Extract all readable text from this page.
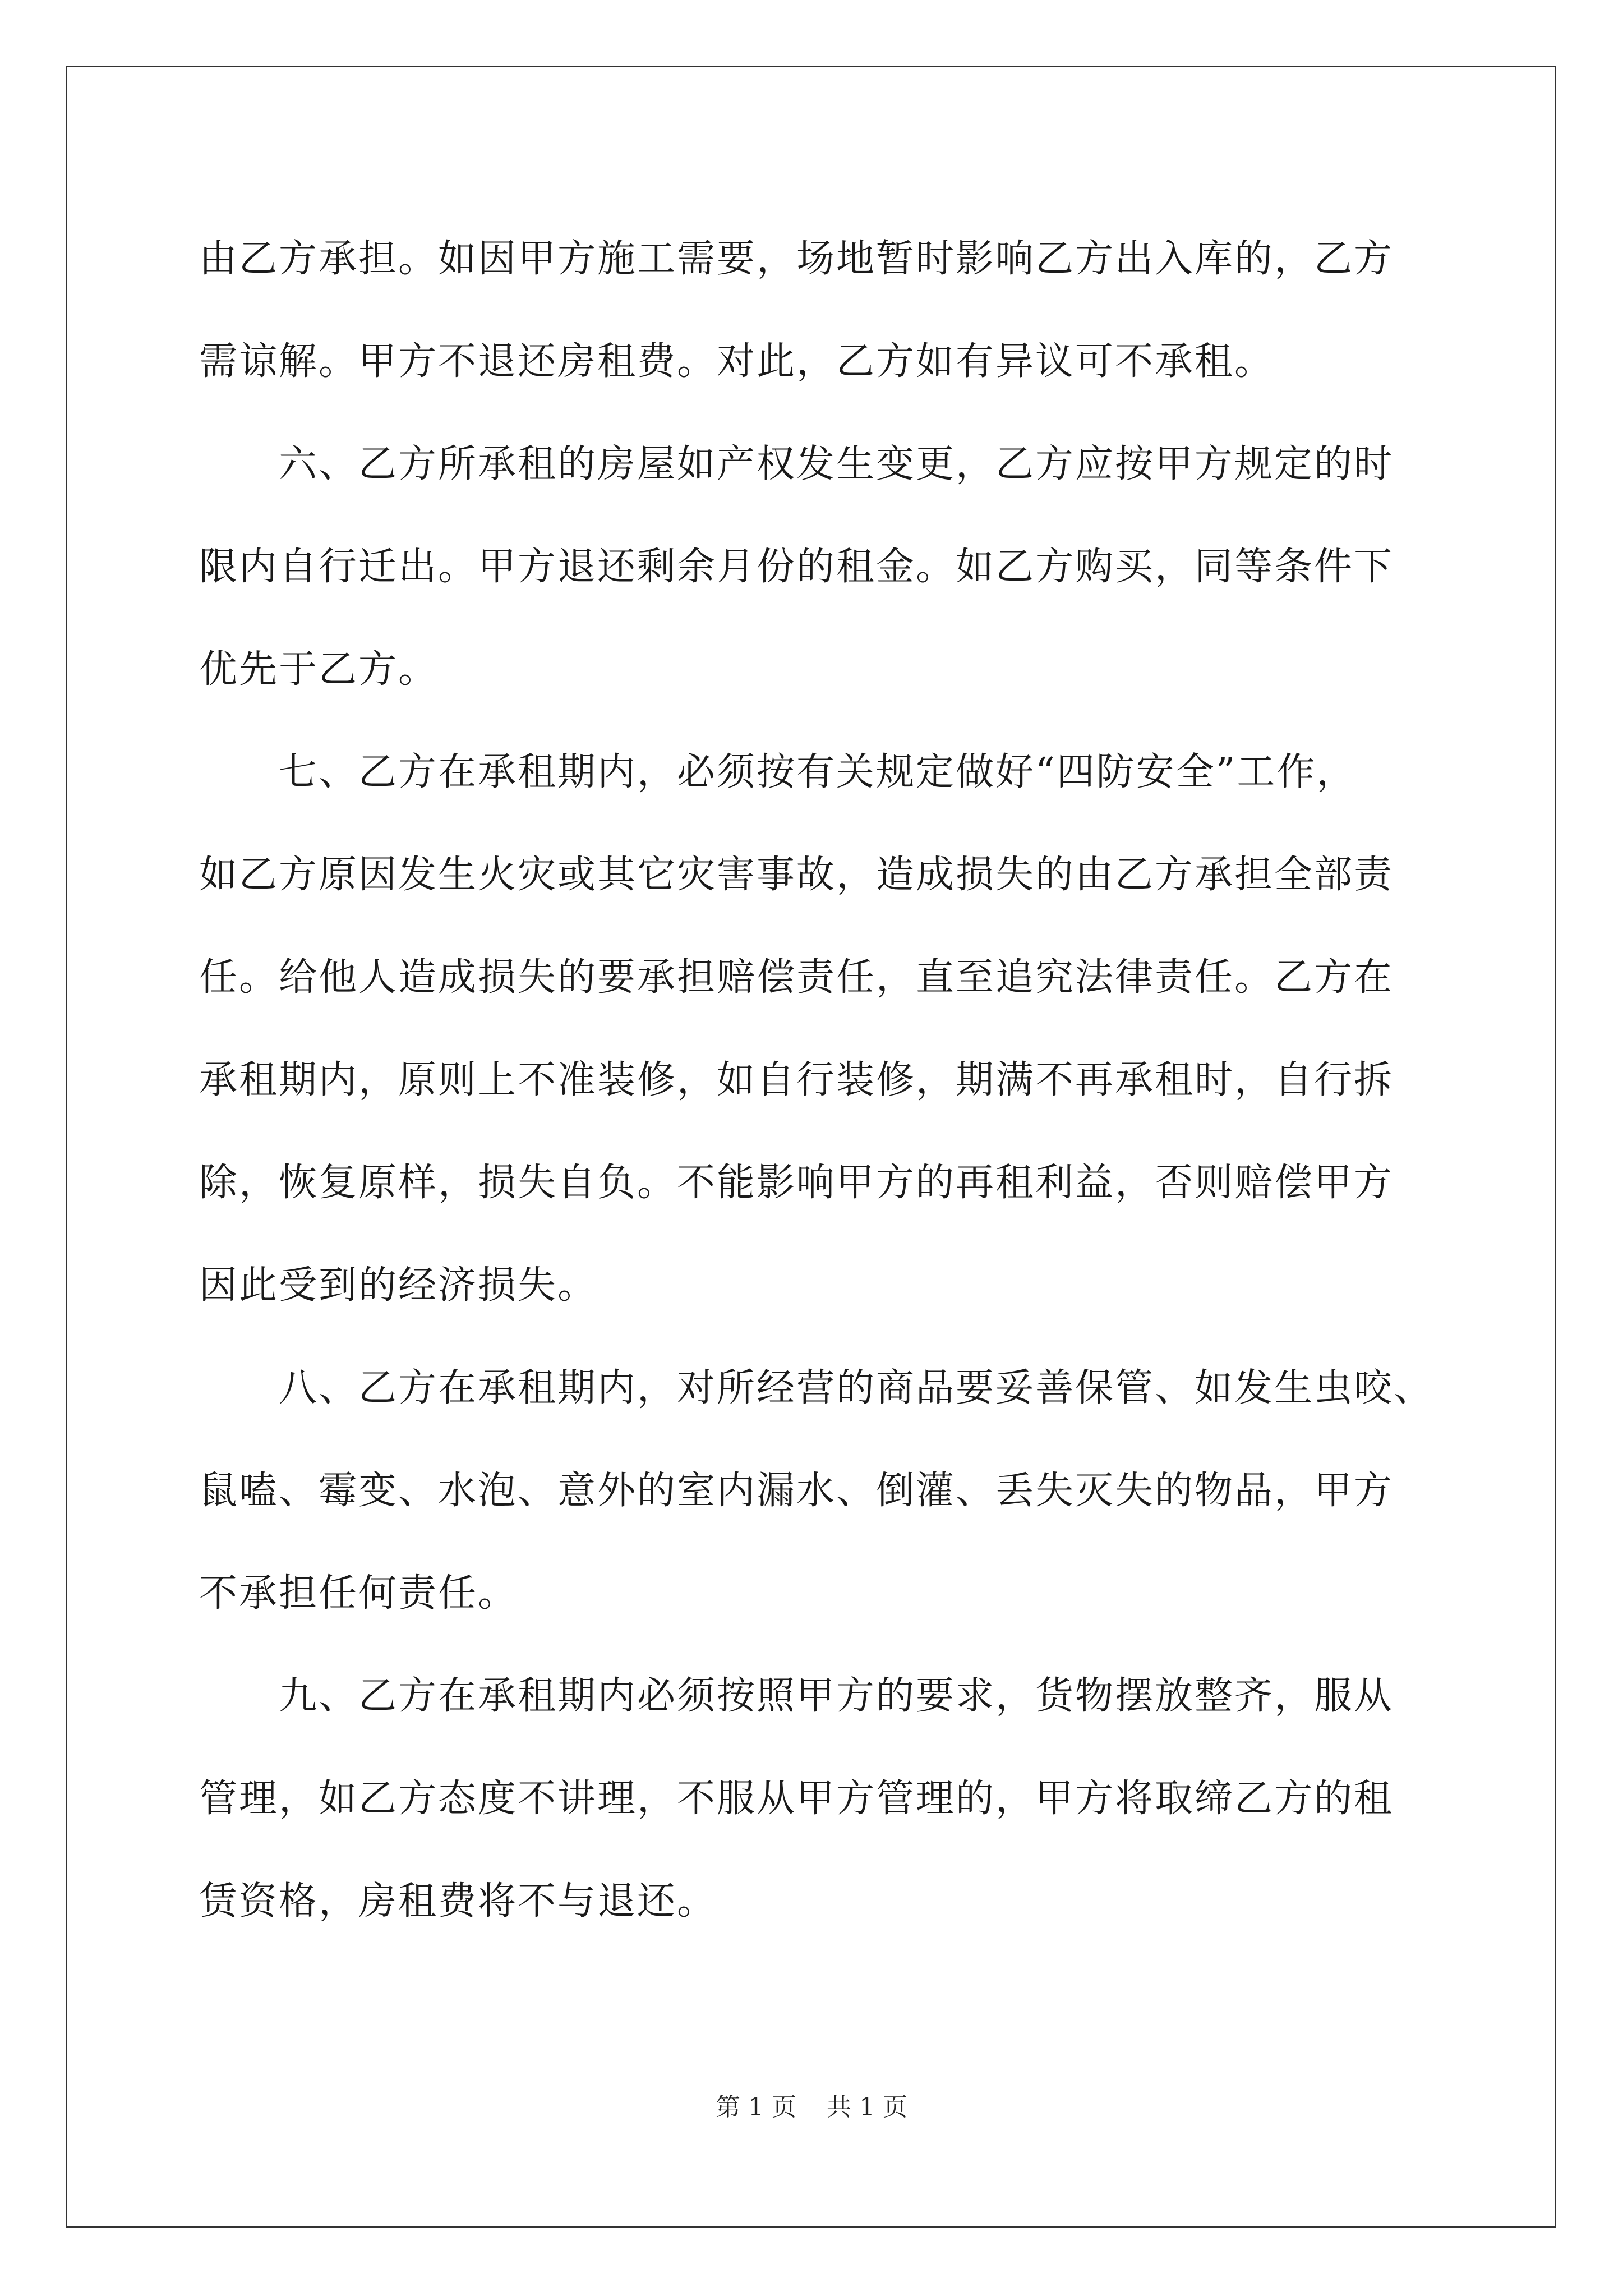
由乙方承担。如因甲方施工需要，场地暂时影响乙方出入库的，乙方
需谅解。甲方不退还房租费。对此，乙方如有异议可不承租。
　　六、乙方所承租的房屋如产权发生变更，乙方应按甲方规定的时
限内自行迁出。甲方退还剩余月份的租金。如乙方购买，同等条件下
优先于乙方。
　　七、乙方在承租期内，必须按有关规定做好“四防安全”工作，
如乙方原因发生火灾或其它灾害事故，造成损失的由乙方承担全部责
任。给他人造成损失的要承担赔偿责任，直至追究法律责任。乙方在
承租期内，原则上不准装修，如自行装修，期满不再承租时，自行拆
除，恢复原样，损失自负。不能影响甲方的再租利益，否则赔偿甲方
因此受到的经济损失。
　　八、乙方在承租期内，对所经营的商品要妥善保管、如发生虫咬、
鼠嗑、霉变、水泡、意外的室内漏水、倒灌、丢失灭失的物品，甲方
不承担任何责任。
　　九、乙方在承租期内必须按照甲方的要求，货物摆放整齐，服从
管理，如乙方态度不讲理，不服从甲方管理的，甲方将取缔乙方的租
赁资格，房租费将不与退还。
第 1 页 共 1 页
